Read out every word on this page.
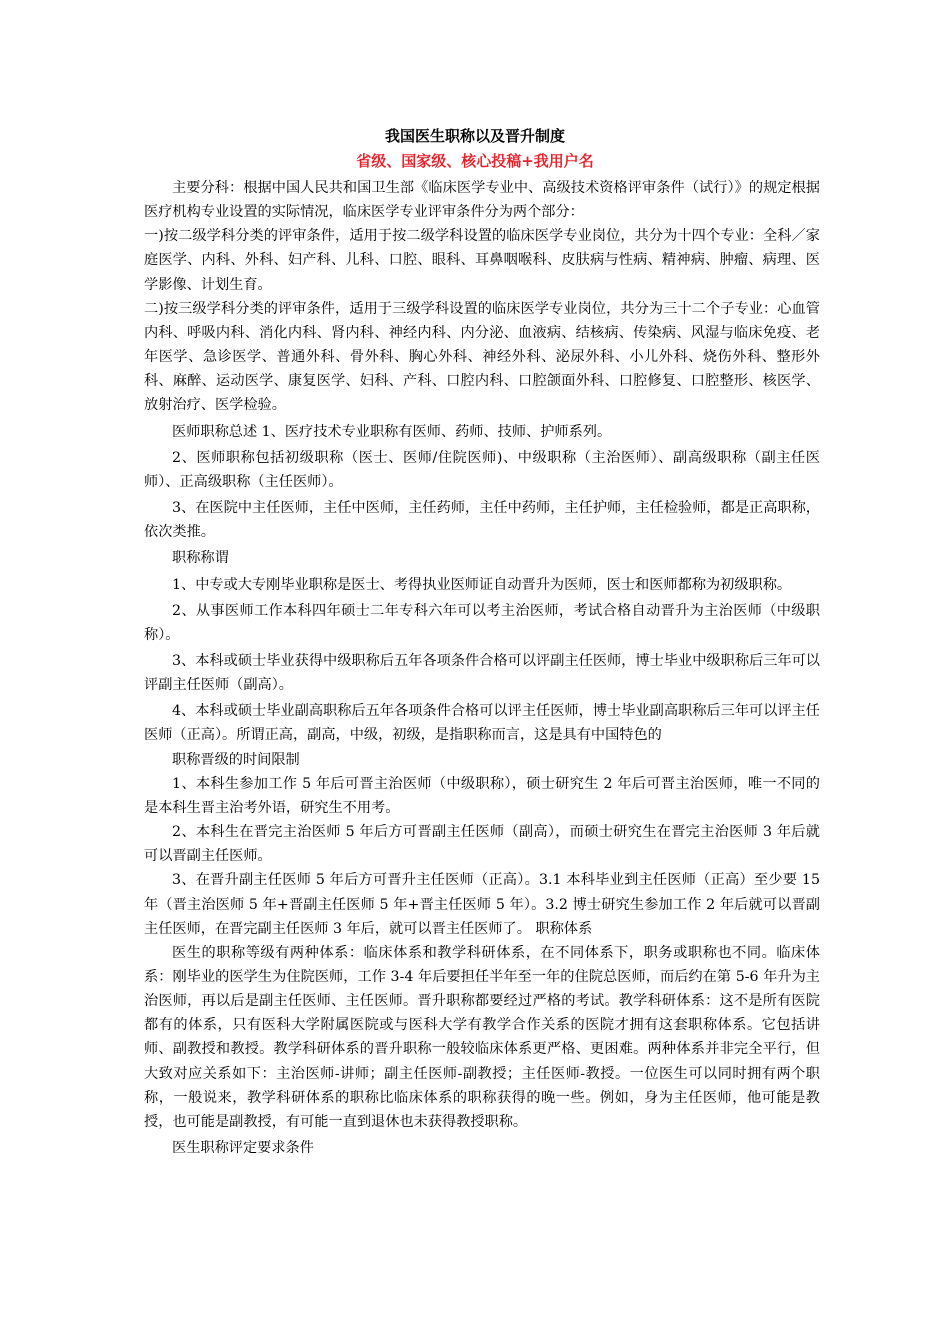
我国医生职称以及晋升制度
省级、国家级、核心投稿+我用户名

主要分科：根据中国人民共和国卫生部《临床医学专业中、高级技术资格评审条件（试行）》的规定根据医疗机构专业设置的实际情况，临床医学专业评审条件分为两个部分：

一)按二级学科分类的评审条件，适用于按二级学科设置的临床医学专业岗位，共分为十四个专业：全科／家庭医学、内科、外科、妇产科、儿科、口腔、眼科、耳鼻咽喉科、皮肤病与性病、精神病、肿瘤、病理、医学影像、计划生育。

二)按三级学科分类的评审条件，适用于三级学科设置的临床医学专业岗位，共分为三十二个子专业：心血管内科、呼吸内科、消化内科、肾内科、神经内科、内分泌、血液病、结核病、传染病、风湿与临床免疫、老年医学、急诊医学、普通外科、骨外科、胸心外科、神经外科、泌尿外科、小儿外科、烧伤外科、整形外科、麻醉、运动医学、康复医学、妇科、产科、口腔内科、口腔颌面外科、口腔修复、口腔整形、核医学、放射治疗、医学检验。

医师职称总述 1、医疗技术专业职称有医师、药师、技师、护师系列。

2、医师职称包括初级职称（医士、医师/住院医师)、中级职称（主治医师）、副高级职称（副主任医师）、正高级职称（主任医师）。

3、在医院中主任医师，主任中医师，主任药师，主任中药师，主任护师，主任检验师，都是正高职称，依次类推。

职称称谓

1、中专或大专刚毕业职称是医士、考得执业医师证自动晋升为医师，医士和医师都称为初级职称。

2、从事医师工作本科四年硕士二年专科六年可以考主治医师，考试合格自动晋升为主治医师（中级职称）。

3、本科或硕士毕业获得中级职称后五年各项条件合格可以评副主任医师，博士毕业中级职称后三年可以评副主任医师（副高）。

4、本科或硕士毕业副高职称后五年各项条件合格可以评主任医师，博士毕业副高职称后三年可以评主任医师（正高）。所谓正高，副高，中级，初级，是指职称而言，这是具有中国特色的

职称晋级的时间限制

1、本科生参加工作 5 年后可晋主治医师（中级职称），硕士研究生 2 年后可晋主治医师，唯一不同的是本科生晋主治考外语，研究生不用考。

2、本科生在晋完主治医师 5 年后方可晋副主任医师（副高），而硕士研究生在晋完主治医师 3 年后就可以晋副主任医师。

3、在晋升副主任医师 5 年后方可晋升主任医师（正高）。3.1 本科毕业到主任医师（正高）至少要 15 年（晋主治医师 5 年+晋副主任医师 5 年+晋主任医师 5 年）。3.2 博士研究生参加工作 2 年后就可以晋副主任医师，在晋完副主任医师 3 年后，就可以晋主任医师了。 职称体系

医生的职称等级有两种体系：临床体系和教学科研体系，在不同体系下，职务或职称也不同。临床体系：刚毕业的医学生为住院医师，工作 3-4 年后要担任半年至一年的住院总医师，而后约在第 5-6 年升为主治医师，再以后是副主任医师、主任医师。晋升职称都要经过严格的考试。教学科研体系：这不是所有医院都有的体系，只有医科大学附属医院或与医科大学有教学合作关系的医院才拥有这套职称体系。它包括讲师、副教授和教授。教学科研体系的晋升职称一般较临床体系更严格、更困难。两种体系并非完全平行，但大致对应关系如下：主治医师-讲师；副主任医师-副教授；主任医师-教授。一位医生可以同时拥有两个职称，一般说来，教学科研体系的职称比临床体系的职称获得的晚一些。例如，身为主任医师，他可能是教授，也可能是副教授，有可能一直到退休也未获得教授职称。

医生职称评定要求条件
